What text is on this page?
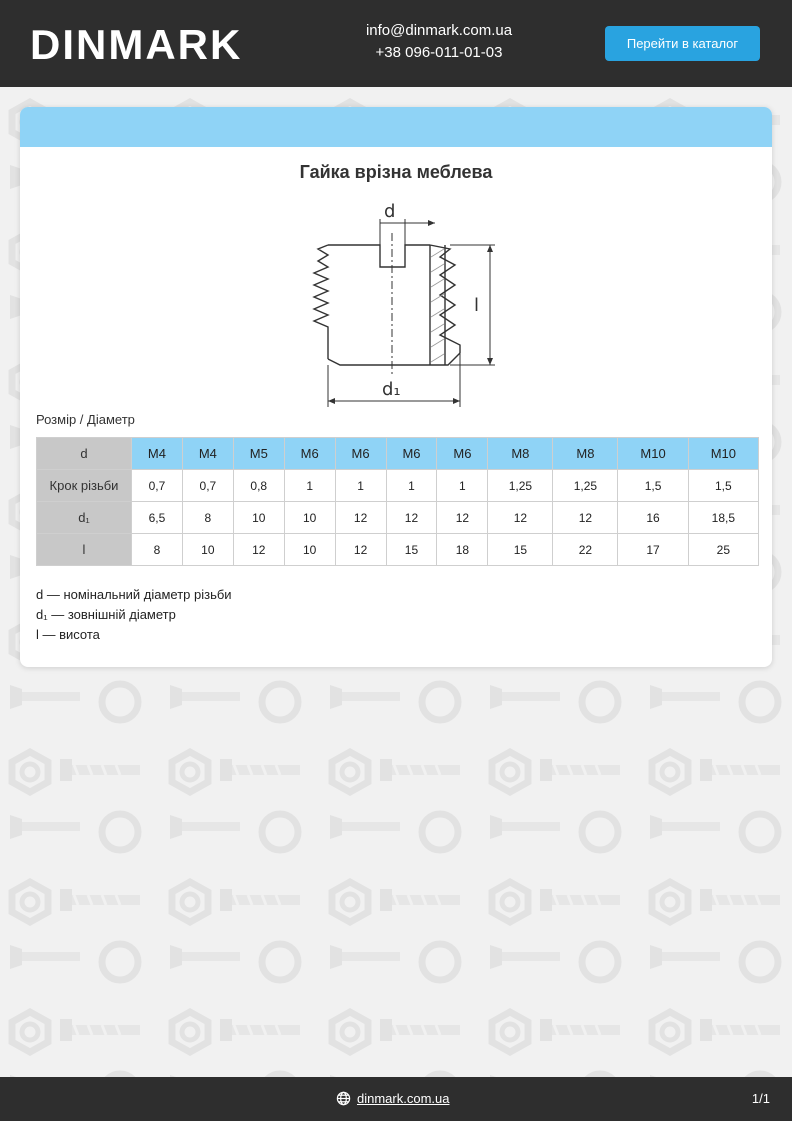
DINMARK	info@dinmark.com.ua
+38 096-011-01-03
Перейти в каталог
Гайка врізна меблева
d
l
d₁
Розмір / Діаметр
d	M4	M4	M5	M6	M6	M6	M6	M8	M8	M10	M10
Крок різьби	0,7	0,7	0,8	1	1	1	1	1,25	1,25	1,5	1,5
d₁	6,5	8	10	10	12	12	12	12	12	16	18,5
l	8	10	12	10	12	15	18	15	22	17	25
d — номінальний діаметр різьби
d₁ — зовнішній діаметр
l — висота
dinmark.com.ua	1/1
